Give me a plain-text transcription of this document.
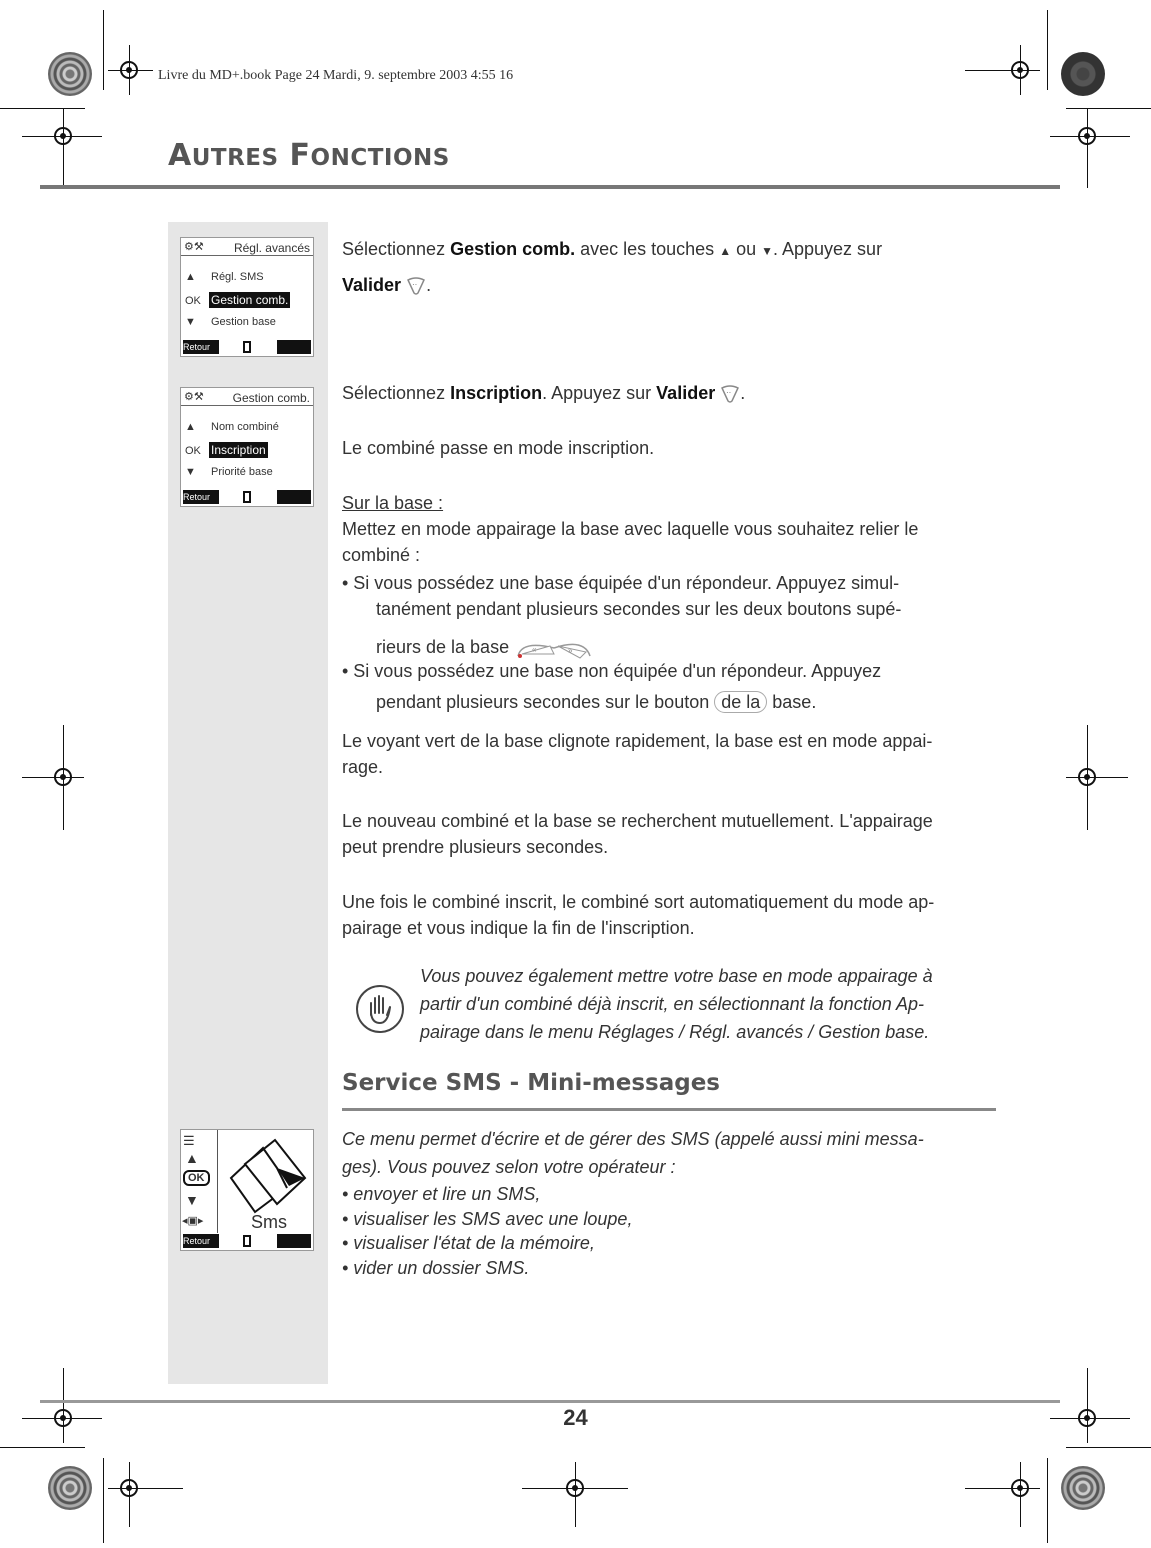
Livre du MD+.book Page 24 Mardi, 9. septembre 2003 4:55 16
AUTRES FONCTIONS
⚙⚒	Régl. avancés
▲ Régl. SMS
OK Gestion comb.
▼ Gestion base
Retour
⚙⚒ Gestion comb.
▲ Nom combiné
OK Inscription
▼ Priorité base
Retour
☰
▲
OK
▼
◂▣▸	Sms
Retour
Sélectionnez Gestion comb. avec les touches ▲ ou ▼. Appuyez sur
Valider ·· .
Sélectionnez Inscription. Appuyez sur Valider ·· .
Le combiné passe en mode inscription.
Sur la base :
Mettez en mode appairage la base avec laquelle vous souhaitez relier le
combiné :
• Si vous possédez une base équipée d'un répondeur. Appuyez simul-
tanément pendant plusieurs secondes sur les deux boutons supé-
rieurs de la base	«	»
• Si vous possédez une base non équipée d'un répondeur. Appuyez
pendant plusieurs secondes sur le bouton de la base.
Le voyant vert de la base clignote rapidement, la base est en mode appai-
rage.
Le nouveau combiné et la base se recherchent mutuellement. L'appairage
peut prendre plusieurs secondes.
Une fois le combiné inscrit, le combiné sort automatiquement du mode ap-
pairage et vous indique la fin de l'inscription.
Vous pouvez également mettre votre base en mode appairage à
partir d'un combiné déjà inscrit, en sélectionnant la fonction Ap-
pairage dans le menu Réglages / Régl. avancés / Gestion base.
Service SMS - Mini-messages
Ce menu permet d'écrire et de gérer des SMS (appelé aussi mini messa-
ges). Vous pouvez selon votre opérateur :
• envoyer et lire un SMS,
• visualiser les SMS avec une loupe,
• visualiser l'état de la mémoire,
• vider un dossier SMS.
24
